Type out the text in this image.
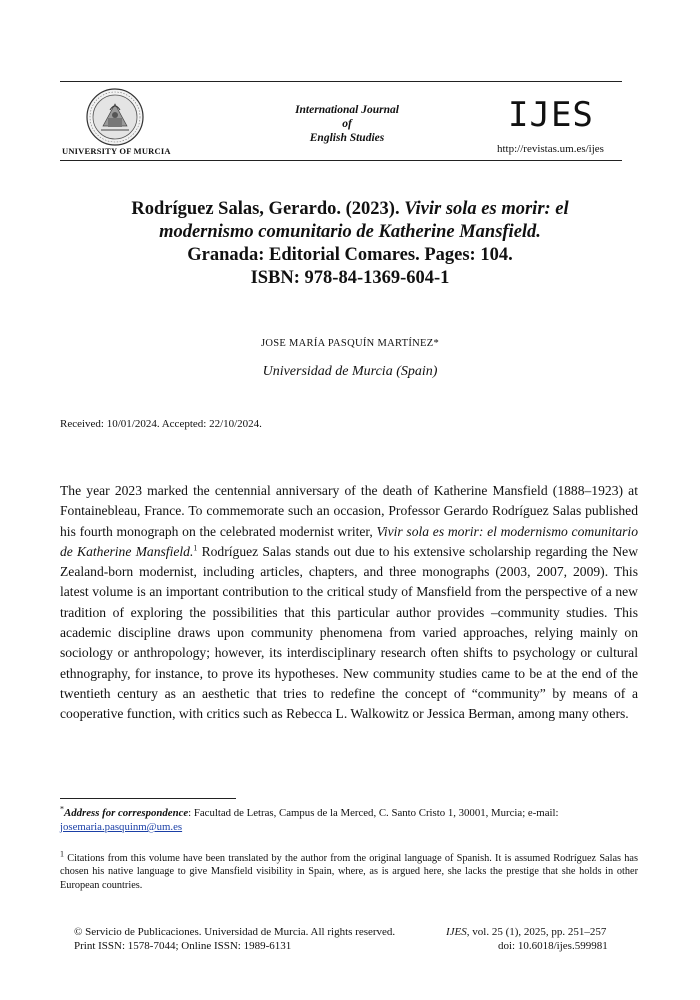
UNIVERSITY OF MURCIA
International Journal
of
English Studies
IJES
http://revistas.um.es/ijes
Rodríguez Salas, Gerardo. (2023). Vivir sola es morir: el
modernismo comunitario de Katherine Mansfield.
Granada: Editorial Comares. Pages: 104.
ISBN: 978-84-1369-604-1
JOSE MARÍA PASQUÍN MARTÍNEZ*
Universidad de Murcia (Spain)
Received: 10/01/2024. Accepted: 22/10/2024.
The year 2023 marked the centennial anniversary of the death of Katherine Mansfield (1888–1923) at Fontainebleau, France. To commemorate such an occasion, Professor Gerardo Rodríguez Salas published his fourth monograph on the celebrated modernist writer, Vivir sola es morir: el modernismo comunitario de Katherine Mansfield.$^1$ Rodríguez Salas stands out due to his extensive scholarship regarding the New Zealand-born modernist, including articles, chapters, and three monographs (2003, 2007, 2009). This latest volume is an important contribution to the critical study of Mansfield from the perspective of a new tradition of exploring the possibilities that this particular author provides –community studies. This academic discipline draws upon community phenomena from varied approaches, relying mainly on sociology or anthropology; however, its interdisciplinary research often shifts to psychology or cultural ethnography, for instance, to prove its hypotheses. New community studies came to be at the end of the twentieth century as an aesthetic that tries to redefine the concept of “community” by means of a cooperative function, with critics such as Rebecca L. Walkowitz or Jessica Berman, among many others.
*Address for correspondence: Facultad de Letras, Campus de la Merced, C. Santo Cristo 1, 30001, Murcia; e-mail:
josemaria.pasquinm@um.es
$^1$ Citations from this volume have been translated by the author from the original language of Spanish. It is assumed Rodríguez Salas has chosen his native language to give Mansfield visibility in Spain, where, as is argued here, she lacks the prestige that she holds in other European countries.
© Servicio de Publicaciones. Universidad de Murcia. All rights reserved.	IJES, vol. 25 (1), 2025, pp. 251–257
Print ISSN: 1578-7044; Online ISSN: 1989-6131	doi: 10.6018/ijes.599981
